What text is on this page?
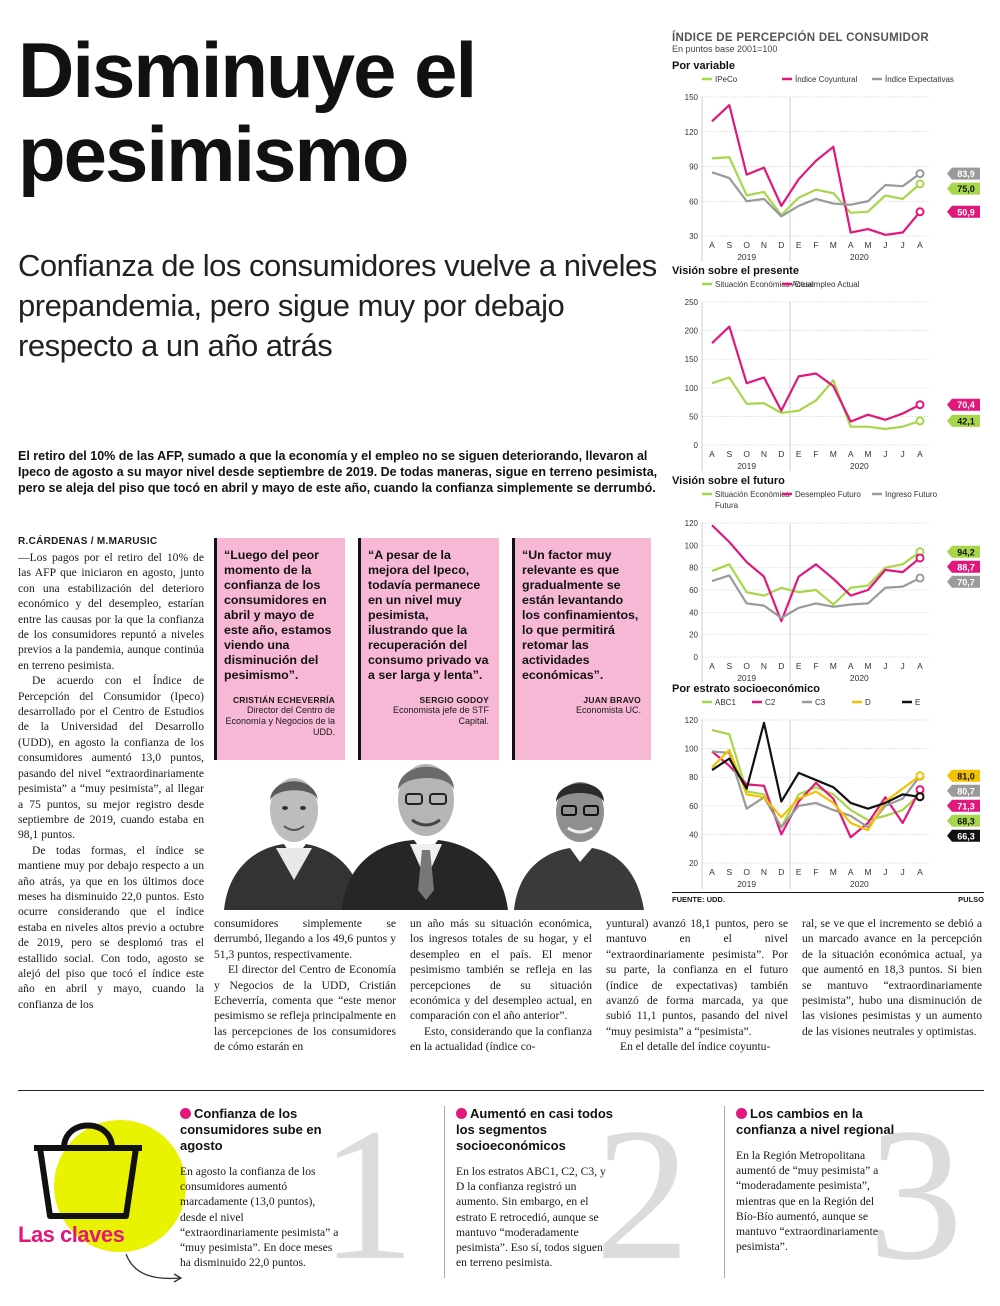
Disminuye el
pesimismo
Confianza de los consumidores vuelve a niveles prepandemia, pero sigue muy por debajo respecto a un año atrás
El retiro del 10% de las AFP, sumado a que la economía y el empleo no se siguen deteriorando, llevaron al Ipeco de agosto a su mayor nivel desde septiembre de 2019. De todas maneras, sigue en terreno pesimista, pero se aleja del piso que tocó en abril y mayo de este año, cuando la confianza simplemente se derrumbó.
R.CÁRDENAS / M.MARUSIC

—Los pagos por el retiro del 10% de las AFP que iniciaron en agosto, junto con una estabilización del deterioro económico y del desempleo, estarían entre las causas por la que la confianza de los consumidores repuntó a niveles previos a la pandemia, aunque continúa en terreno pesimista.

De acuerdo con el Índice de Percepción del Consumidor (Ipeco) desarrollado por el Centro de Estudios de la Universidad del Desarrollo (UDD), en agosto la confianza de los consumidores aumentó 13,0 puntos, pasando del nivel “extraordinariamente pesimista” a “muy pesimista”, al llegar a 75 puntos, su mejor registro desde septiembre de 2019, cuando estaba en 98,1 puntos.

De todas formas, el índice se mantiene muy por debajo respecto a un año atrás, ya que en los últimos doce meses ha disminuido 22,0 puntos. Esto ocurre considerando que el índice estaba en niveles altos previo a octubre de 2019, pero se desplomó tras el estallido social. Con todo, agosto se alejó del piso que tocó el índice este año en abril y mayo, cuando la confianza de los

“Luego del peor momento de la confianza de los consumidores en abril y mayo de este año, estamos viendo una disminución del pesimismo”.
CRISTIÁN ECHEVERRÍA
Director del Centro de Economía y Negocios de la UDD.
“A pesar de la mejora del Ipeco, todavía permanece en un nivel muy pesimista, ilustrando que la recuperación del consumo privado va a ser larga y lenta”.
SERGIO GODOY
Economista jefe de STF Capital.
“Un factor muy relevante es que gradualmente se están levantando los confinamientos, lo que permitirá retomar las actividades económicas”.
JUAN BRAVO
Economista UC.

consumidores simplemente se derrumbó, llegando a los 49,6 puntos y 51,3 puntos, respectivamente.

El director del Centro de Economía y Negocios de la UDD, Cristián Echeverría, comenta que “este menor pesimismo se refleja principalmente en las percepciones de los consumidores de cómo estarán en

un año más su situación económica, los ingresos totales de su hogar, y el desempleo en el país. El menor pesimismo también se refleja en las percepciones de su situación económica y del desempleo actual, en comparación con el año anterior”.

Esto, considerando que la confianza en la actualidad (índice co-

yuntural) avanzó 18,1 puntos, pero se mantuvo en el nivel “extraordinariamente pesimista”. Por su parte, la confianza en el futuro (índice de expectativas) también avanzó de forma marcada, ya que subió 11,1 puntos, pasando del nivel “muy pesimista” a “pesimista”.

En el detalle del índice coyuntu-

ral, se ve que el incremento se debió a un marcado avance en la percepción de la situación económica actual, ya que aumentó en 18,3 puntos. Si bien se mantuvo “extraordinariamente pesimista”, hubo una disminución de las visiones pesimistas y un aumento de las visiones neutrales y optimistas.

ÍNDICE DE PERCEPCIÓN DEL CONSUMIDOR
En puntos base 2001=100
Por variable
IPeCo	Índice Coyuntural	Índice Expectativas
30
60
90
120
150
A S O N D E F M A M J J A
2019	2020
83,9
75,0
50,9
Visión sobre el presente
Situación Económica Actual
Desempleo Actual
0
50
100
150
200
250
A S O N D E F M A M J J A
2019	2020
70,4
42,1
Visión sobre el futuro
Situación Económica
Futura
Desempleo Futuro	Ingreso Futuro
0
20
40
60
80
100
120
A S O N D E F M A M J J A
2019	2020
94,2
88,7
70,7
Por estrato socioeconómico
ABC1	C2	C3	D	E
20
40
60
80
100
120
A S O N D E F M A M J J A
2019	2020
81,0
80,7
71,3
68,3
66,3
FUENTE: UDD.	PULSO
Las claves 1
Confianza de los consumidores sube en agosto
En agosto la confianza de los consumidores aumentó marcadamente (13,0 puntos), desde el nivel “extraordinariamente pesimista” a “muy pesimista”. En doce meses ha disminuido 22,0 puntos. 2
Aumentó en casi todos los segmentos socioeconómicos
En los estratos ABC1, C2, C3, y D la confianza registró un aumento. Sin embargo, en el estrato E retrocedió, aunque se mantuvo “moderadamente pesimista”. Eso sí, todos siguen en terreno pesimista.	3
Los cambios en la confianza a nivel regional
En la Región Metropolitana aumentó de “muy pesimista” a “moderadamente pesimista”, mientras que en la Región del Bío-Bío aumentó, aunque se mantuvo “extraordinariamente pesimista”.
